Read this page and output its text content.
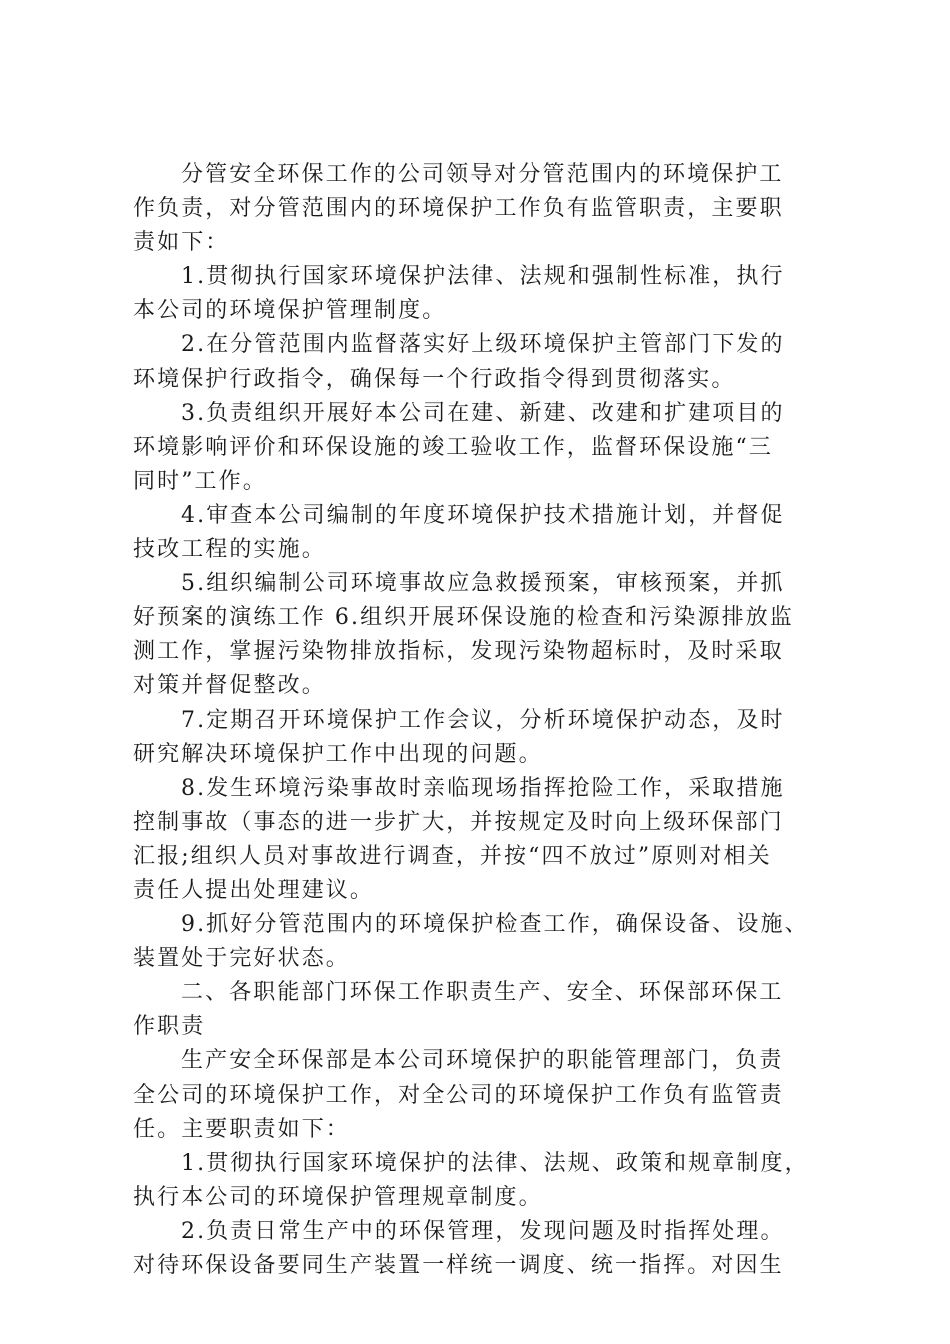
分管安全环保工作的公司领导对分管范围内的环境保护工
作负责，对分管范围内的环境保护工作负有监管职责，主要职
责如下：
1.贯彻执行国家环境保护法律、法规和强制性标准，执行
本公司的环境保护管理制度。
2.在分管范围内监督落实好上级环境保护主管部门下发的
环境保护行政指令，确保每一个行政指令得到贯彻落实。
3.负责组织开展好本公司在建、新建、改建和扩建项目的
环境影响评价和环保设施的竣工验收工作，监督环保设施“三
同时”工作。
4.审查本公司编制的年度环境保护技术措施计划，并督促
技改工程的实施。
5.组织编制公司环境事故应急救援预案，审核预案，并抓
好预案的演练工作 6.组织开展环保设施的检查和污染源排放监
测工作，掌握污染物排放指标，发现污染物超标时，及时采取
对策并督促整改。
7.定期召开环境保护工作会议，分析环境保护动态，及时
研究解决环境保护工作中出现的问题。
8.发生环境污染事故时亲临现场指挥抢险工作，采取措施
控制事故（事态的进一步扩大，并按规定及时向上级环保部门
汇报;组织人员对事故进行调查，并按“四不放过”原则对相关
责任人提出处理建议。
9.抓好分管范围内的环境保护检查工作，确保设备、设施、
装置处于完好状态。
二、各职能部门环保工作职责生产、安全、环保部环保工
作职责
生产安全环保部是本公司环境保护的职能管理部门，负责
全公司的环境保护工作，对全公司的环境保护工作负有监管责
任。主要职责如下：
1.贯彻执行国家环境保护的法律、法规、政策和规章制度，
执行本公司的环境保护管理规章制度。
2.负责日常生产中的环保管理，发现问题及时指挥处理。
对待环保设备要同生产装置一样统一调度、统一指挥。对因生
